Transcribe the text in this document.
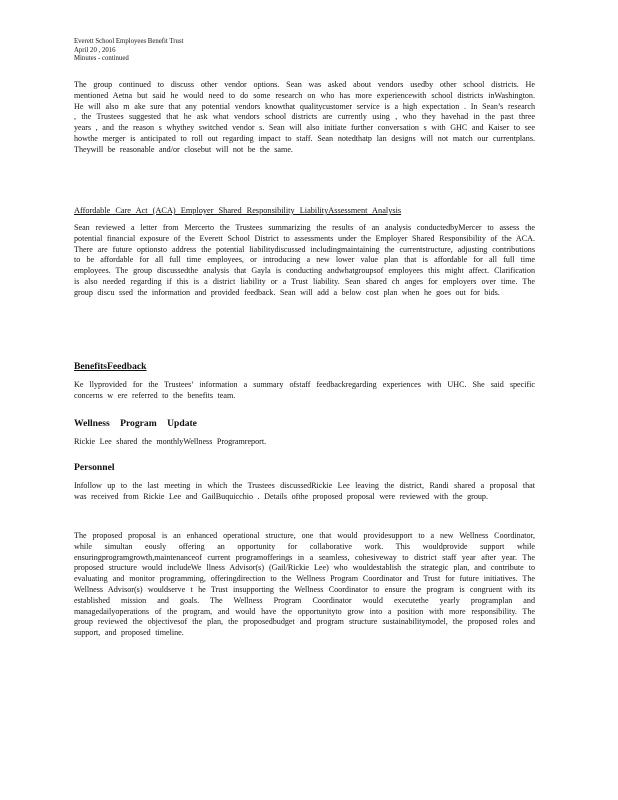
Everett School Employees Benefit Trust
April 20 , 2016
Minutes - continued

The group continued to discuss other vendor options. Sean was asked about vendors usedby other school districts. He mentioned Aetna but said he would need to do some research on who has more experiencewith school districts inWashington. He will also m ake sure that any potential vendors knowthat qualitycustomer service is a high expectation . In Sean’s research , the Trustees suggested that he ask what vendors school districts are currently using , who they havehad in the past three years , and the reason s whythey switched vendor s. Sean will also initiate further conversation s with GHC and Kaiser to see howthe merger is anticipated to roll out regarding impact to staff. Sean notedthatp lan designs will not match our currentplans. Theywill be reasonable and/or closebut will not be the same.

Affordable Care Act (ACA) Employer Shared Responsibility LiabilityAssessment Analysis

Sean reviewed a letter from Mercerto the Trustees summarizing the results of an analysis conductedbyMercer to assess the potential financial exposure of the Everett School District to assessments under the Employer Shared Responsibility of the ACA. There are future optionsto address the potential liabilitydiscussed includingmaintaining the currentstructure, adjusting contributions to be affordable for all full time employees, or introducing a new lower value plan that is affordable for all full time employees. The group discussedthe analysis that Gayla is conducting andwhatgroupsof employees this might affect. Clarification is also needed regarding if this is a district liability or a Trust liability. Sean shared ch anges for employers over time. The group discu ssed the information and provided feedback. Sean will add a below cost plan when he goes out for bids.

BenefitsFeedback

Ke llyprovided for the Trustees’ information a summary ofstaff feedbackregarding experiences with UHC. She said specific concerns w ere referred to the benefits team.

Wellness Program Update

Rickie Lee shared the monthlyWellness Programreport.

Personnel

Infollow up to the last meeting in which the Trustees discussedRickie Lee leaving the district, Randi shared a proposal that was received from Rickie Lee and GailBuquicchio . Details ofthe proposed proposal were reviewed with the group.

The proposed proposal is an enhanced operational structure, one that would providesupport to a new Wellness Coordinator, while simultan eously offering an opportunity for collaborative work. This wouldprovide support while ensuringprogramgrowth,maintenanceof current programofferings in a seamless, cohesiveway to district staff year after year. The proposed structure would includeWe llness Advisor(s) (Gail/Rickie Lee) who wouldestablish the strategic plan, and contribute to evaluating and monitor programming, offeringdirection to the Wellness Program Coordinator and Trust for future initiatives. The Wellness Advisor(s) wouldserve t he Trust insupporting the Wellness Coordinator to ensure the program is congruent with its established mission and goals. The Wellness Program Coordinator would executethe yearly programplan and managedailyoperations of the program, and would have the opportunityto grow into a position with more responsibility. The group reviewed the objectivesof the plan, the proposedbudget and program structure sustainabilitymodel, the proposed roles and support, and proposed timeline.
